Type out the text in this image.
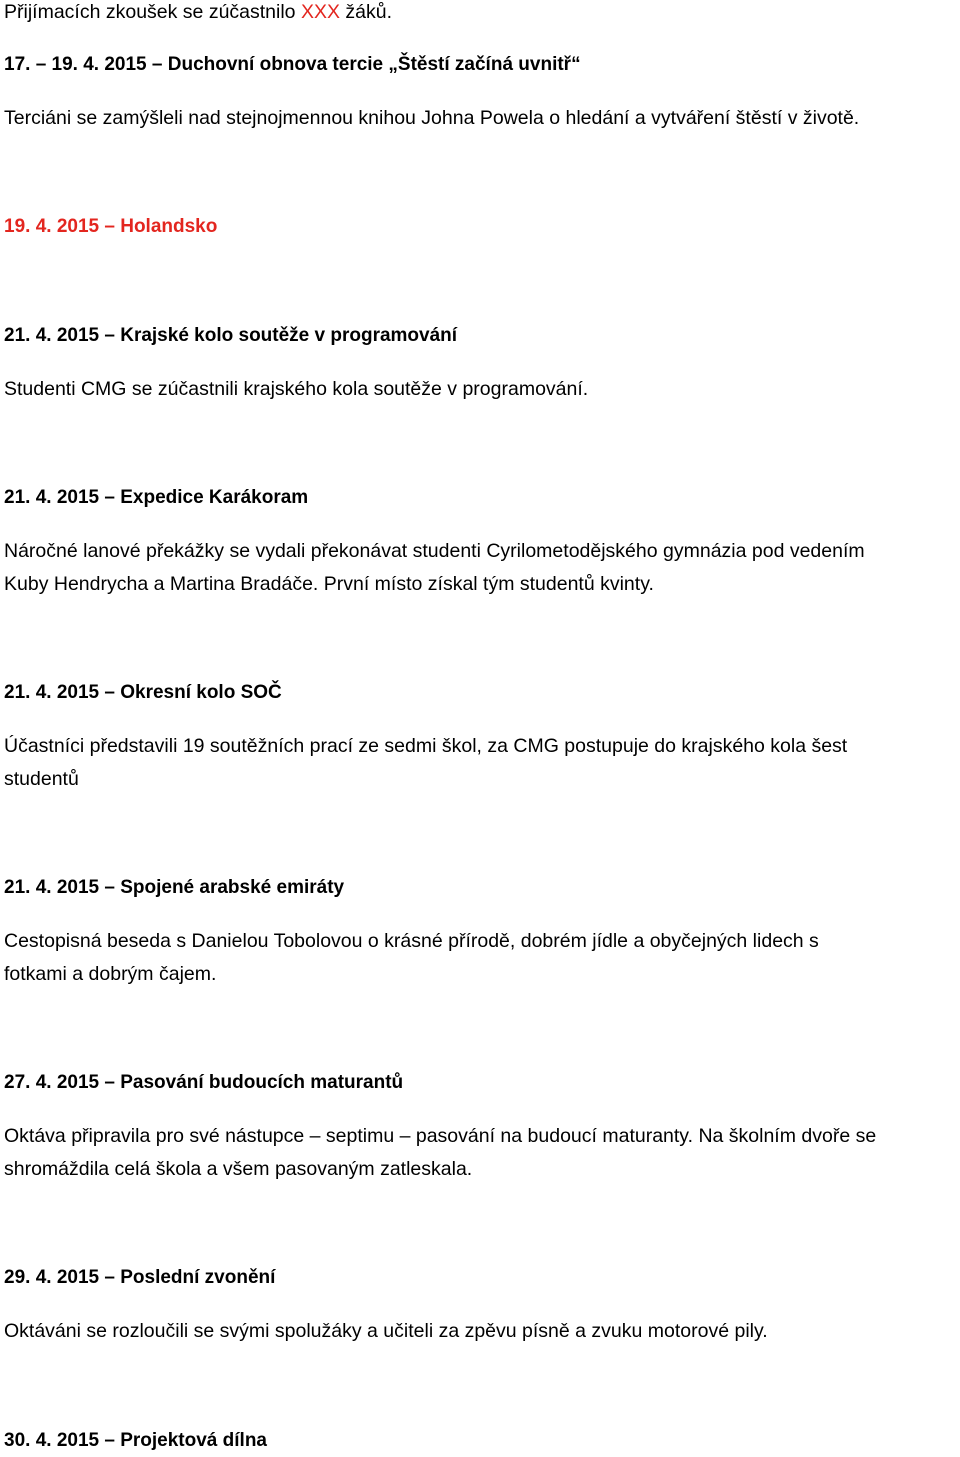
Přijímacích zkoušek se zúčastnilo XXX žáků.

17. – 19. 4. 2015 – Duchovní obnova tercie „Štěstí začíná uvnitř“

Terciáni se zamýšleli nad stejnojmennou knihou Johna Powela o hledání a vytváření štěstí v životě.

19. 4. 2015 – Holandsko

21. 4. 2015 – Krajské kolo soutěže v programování

Studenti CMG se zúčastnili krajského kola soutěže v programování.

21. 4. 2015 – Expedice Karákoram

Náročné lanové překážky se vydali překonávat studenti Cyrilometodějského gymnázia pod vedením

Kuby Hendrycha a Martina Bradáče. První místo získal tým studentů kvinty.

21. 4. 2015 – Okresní kolo SOČ

Účastníci představili 19 soutěžních prací ze sedmi škol, za CMG postupuje do krajského kola šest

studentů

21. 4. 2015 – Spojené arabské emiráty

Cestopisná beseda s Danielou Tobolovou o krásné přírodě, dobrém jídle a obyčejných lidech s

fotkami a dobrým čajem.

27. 4. 2015 – Pasování budoucích maturantů

Oktáva připravila pro své nástupce – septimu – pasování na budoucí maturanty. Na školním dvoře se

shromáždila celá škola a všem pasovaným zatleskala.

29. 4. 2015 – Poslední zvonění

Oktáváni se rozloučili se svými spolužáky a učiteli za zpěvu písně a zvuku motorové pily.

30. 4. 2015 – Projektová dílna
